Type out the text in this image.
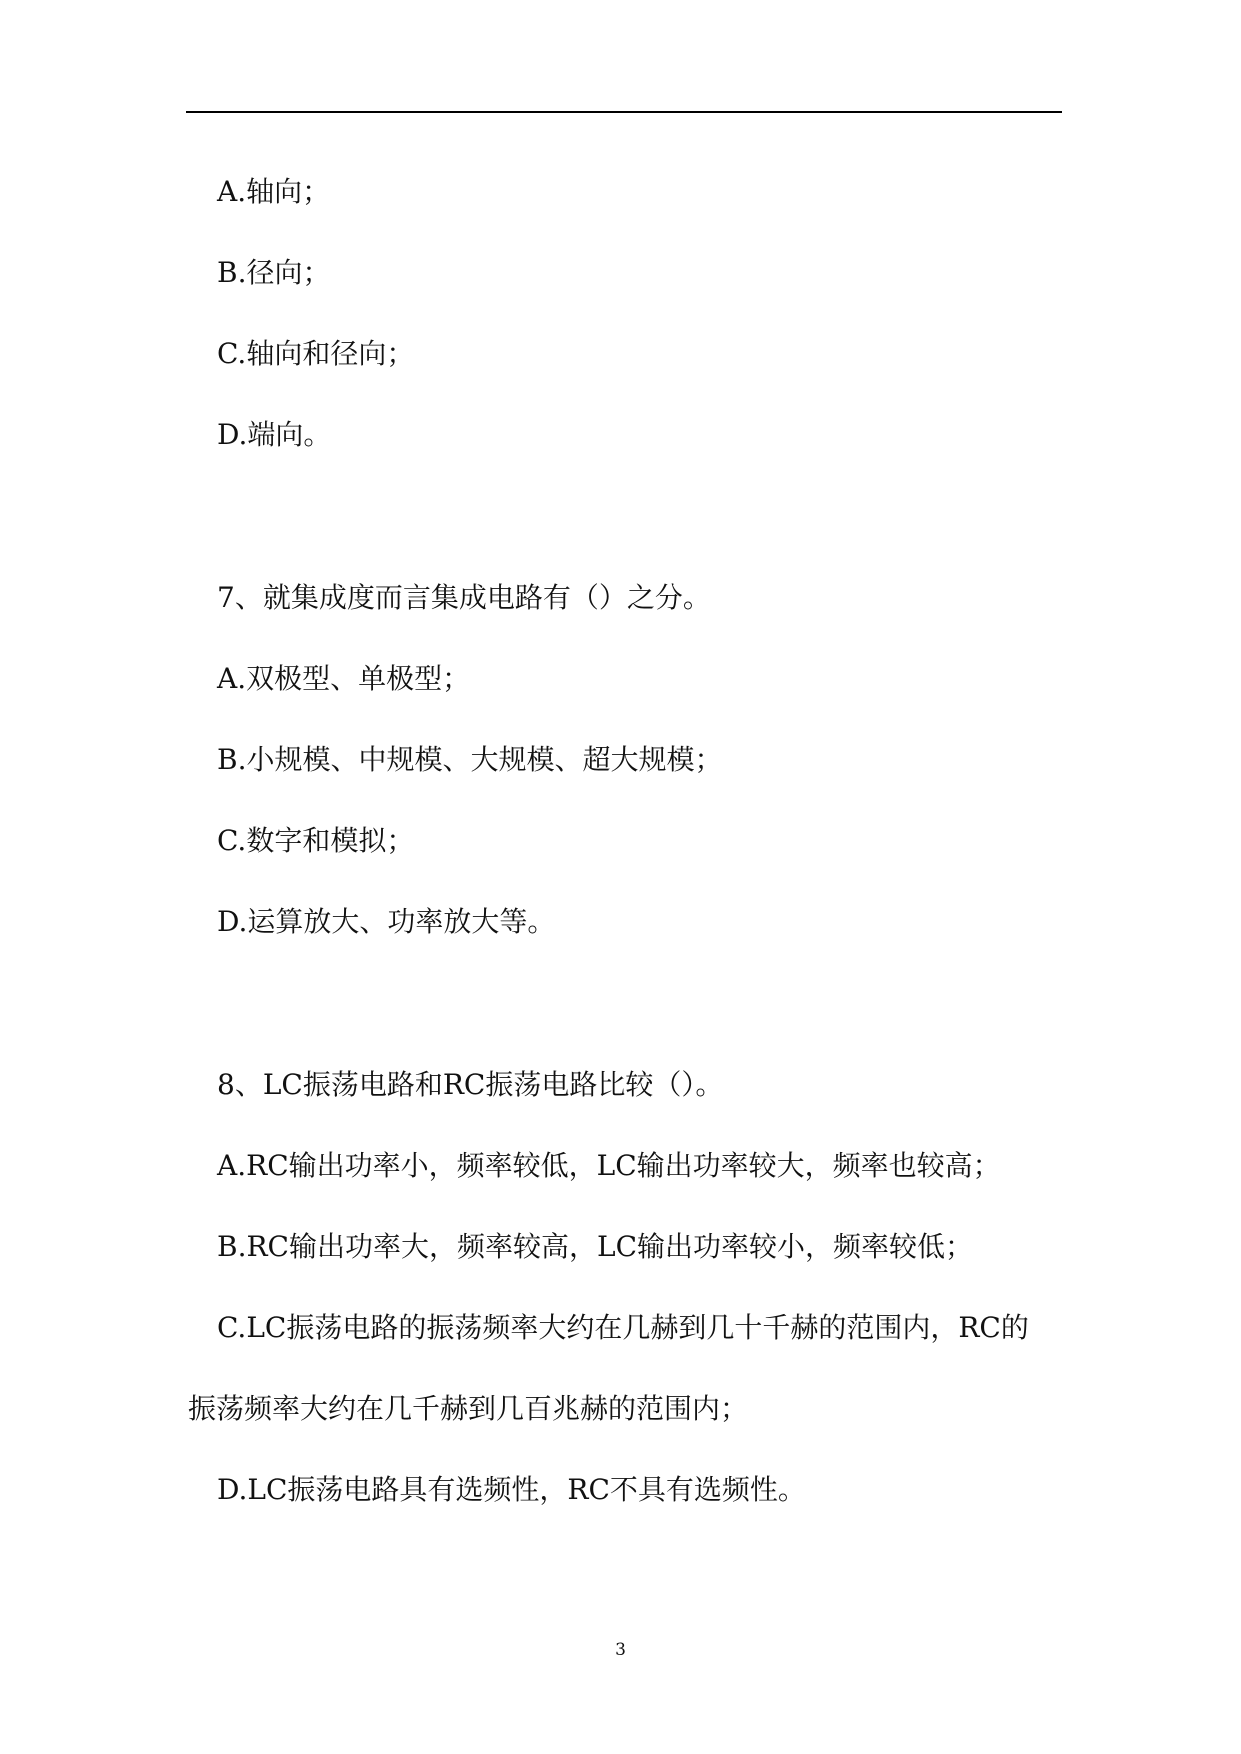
A.轴向；
B.径向；
C.轴向和径向；
D.端向。
7、就集成度而言集成电路有（）之分。
A.双极型、单极型；
B.小规模、中规模、大规模、超大规模；
C.数字和模拟；
D.运算放大、功率放大等。
8、LC振荡电路和RC振荡电路比较（）。
A.RC输出功率小，频率较低，LC输出功率较大，频率也较高；
B.RC输出功率大，频率较高，LC输出功率较小，频率较低；
C.LC振荡电路的振荡频率大约在几赫到几十千赫的范围内，RC的
振荡频率大约在几千赫到几百兆赫的范围内；
D.LC振荡电路具有选频性，RC不具有选频性。
3
